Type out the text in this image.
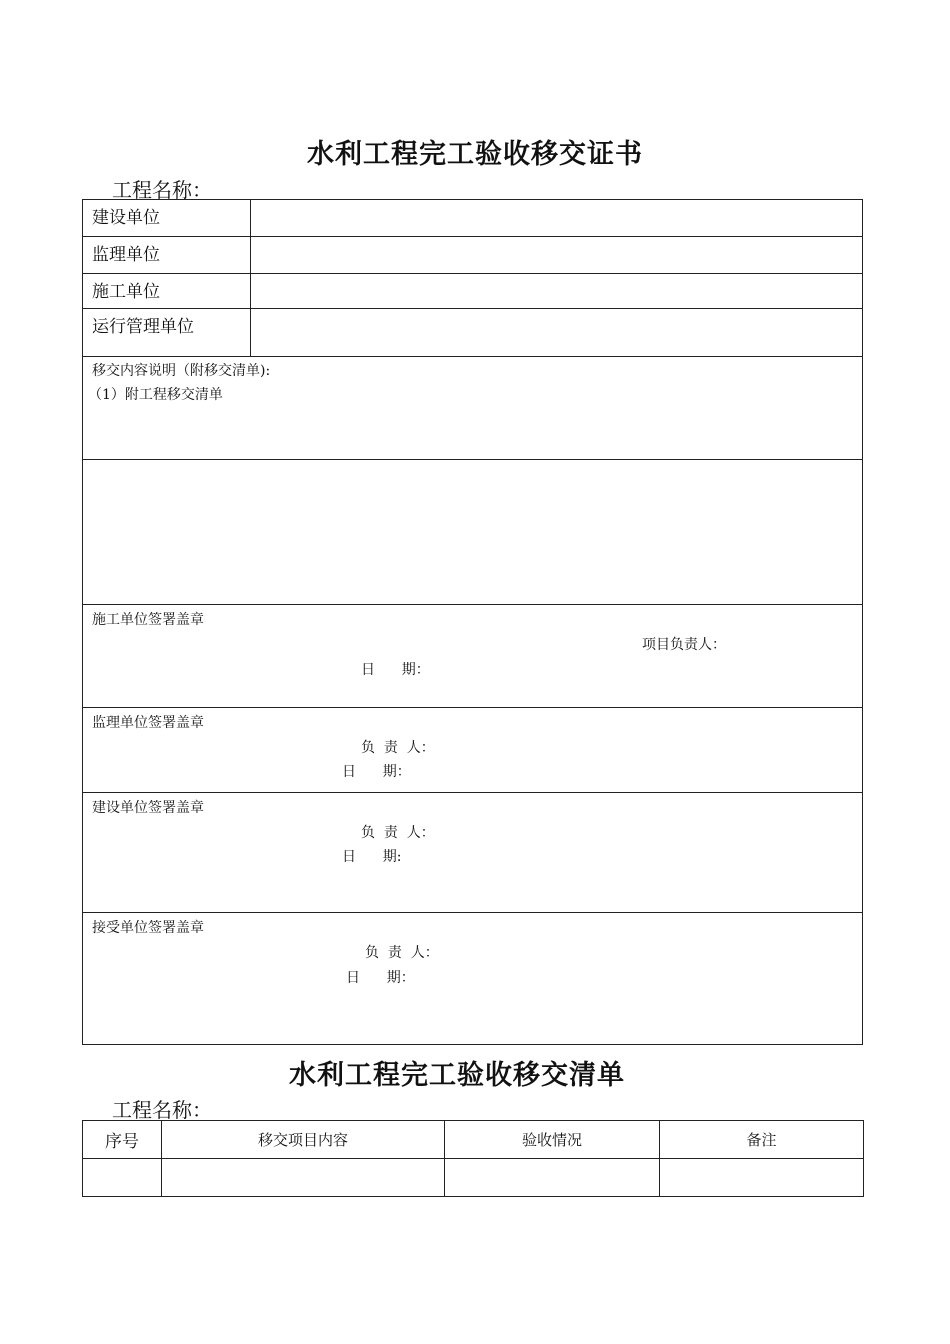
水利工程完工验收移交证书
工程名称：
建设单位
监理单位
施工单位
运行管理单位
移交内容说明（附移交清单):
（1）附工程移交清单
施工单位签署盖章
项目负责人：
日      期：
监理单位签署盖章
负  责  人：
日      期：
建设单位签署盖章
负  责  人：
日      期:
接受单位签署盖章
负  责  人：
日      期：
水利工程完工验收移交清单
工程名称：
序号	移交项目内容	验收情况	备注
